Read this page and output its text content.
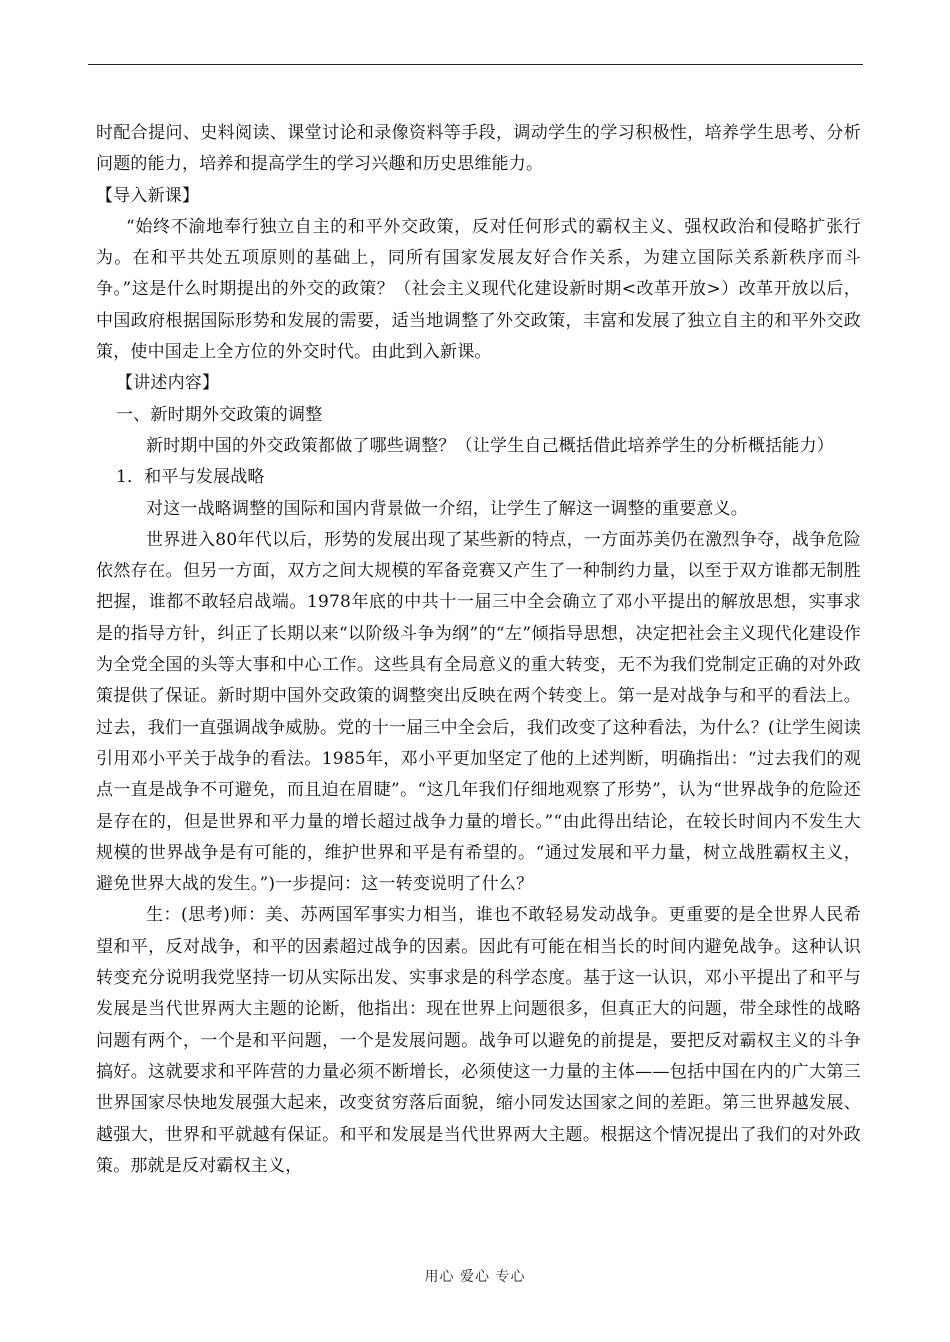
时配合提问、史料阅读、课堂讨论和录像资料等手段，调动学生的学习积极性，培养学生思考、分析问题的能力，培养和提高学生的学习兴趣和历史思维能力。

【导入新课】

“始终不渝地奉行独立自主的和平外交政策，反对任何形式的霸权主义、强权政治和侵略扩张行为。在和平共处五项原则的基础上，同所有国家发展友好合作关系，为建立国际关系新秩序而斗争。”这是什么时期提出的外交的政策？（社会主义现代化建设新时期<改革开放>）改革开放以后，中国政府根据国际形势和发展的需要，适当地调整了外交政策，丰富和发展了独立自主的和平外交政策，使中国走上全方位的外交时代。由此到入新课。

【讲述内容】

一、新时期外交政策的调整

新时期中国的外交政策都做了哪些调整？（让学生自己概括借此培养学生的分析概括能力）

1．和平与发展战略

对这一战略调整的国际和国内背景做一介绍，让学生了解这一调整的重要意义。

世界进入80年代以后，形势的发展出现了某些新的特点，一方面苏美仍在激烈争夺，战争危险依然存在。但另一方面，双方之间大规模的军备竞赛又产生了一种制约力量，以至于双方谁都无制胜把握，谁都不敢轻启战端。1978年底的中共十一届三中全会确立了邓小平提出的解放思想，实事求是的指导方针，纠正了长期以来“以阶级斗争为纲”的“左”倾指导思想，决定把社会主义现代化建设作为全党全国的头等大事和中心工作。这些具有全局意义的重大转变，无不为我们党制定正确的对外政策提供了保证。新时期中国外交政策的调整突出反映在两个转变上。第一是对战争与和平的看法上。过去，我们一直强调战争威胁。党的十一届三中全会后，我们改变了这种看法，为什么？(让学生阅读引用邓小平关于战争的看法。1985年，邓小平更加坚定了他的上述判断，明确指出：“过去我们的观点一直是战争不可避免，而且迫在眉睫”。“这几年我们仔细地观察了形势”，认为“世界战争的危险还是存在的，但是世界和平力量的增长超过战争力量的增长。”“由此得出结论，在较长时间内不发生大规模的世界战争是有可能的，维护世界和平是有希望的。“通过发展和平力量，树立战胜霸权主义，避免世界大战的发生。”)一步提问：这一转变说明了什么？

生：(思考)师：美、苏两国军事实力相当，谁也不敢轻易发动战争。更重要的是全世界人民希望和平，反对战争，和平的因素超过战争的因素。因此有可能在相当长的时间内避免战争。这种认识转变充分说明我党坚持一切从实际出发、实事求是的科学态度。基于这一认识，邓小平提出了和平与发展是当代世界两大主题的论断，他指出：现在世界上问题很多，但真正大的问题，带全球性的战略问题有两个，一个是和平问题，一个是发展问题。战争可以避免的前提是，要把反对霸权主义的斗争搞好。这就要求和平阵营的力量必须不断增长，必须使这一力量的主体——包括中国在内的广大第三世界国家尽快地发展强大起来，改变贫穷落后面貌，缩小同发达国家之间的差距。第三世界越发展、越强大，世界和平就越有保证。和平和发展是当代世界两大主题。根据这个情况提出了我们的对外政策。那就是反对霸权主义，

用心 爱心 专心
